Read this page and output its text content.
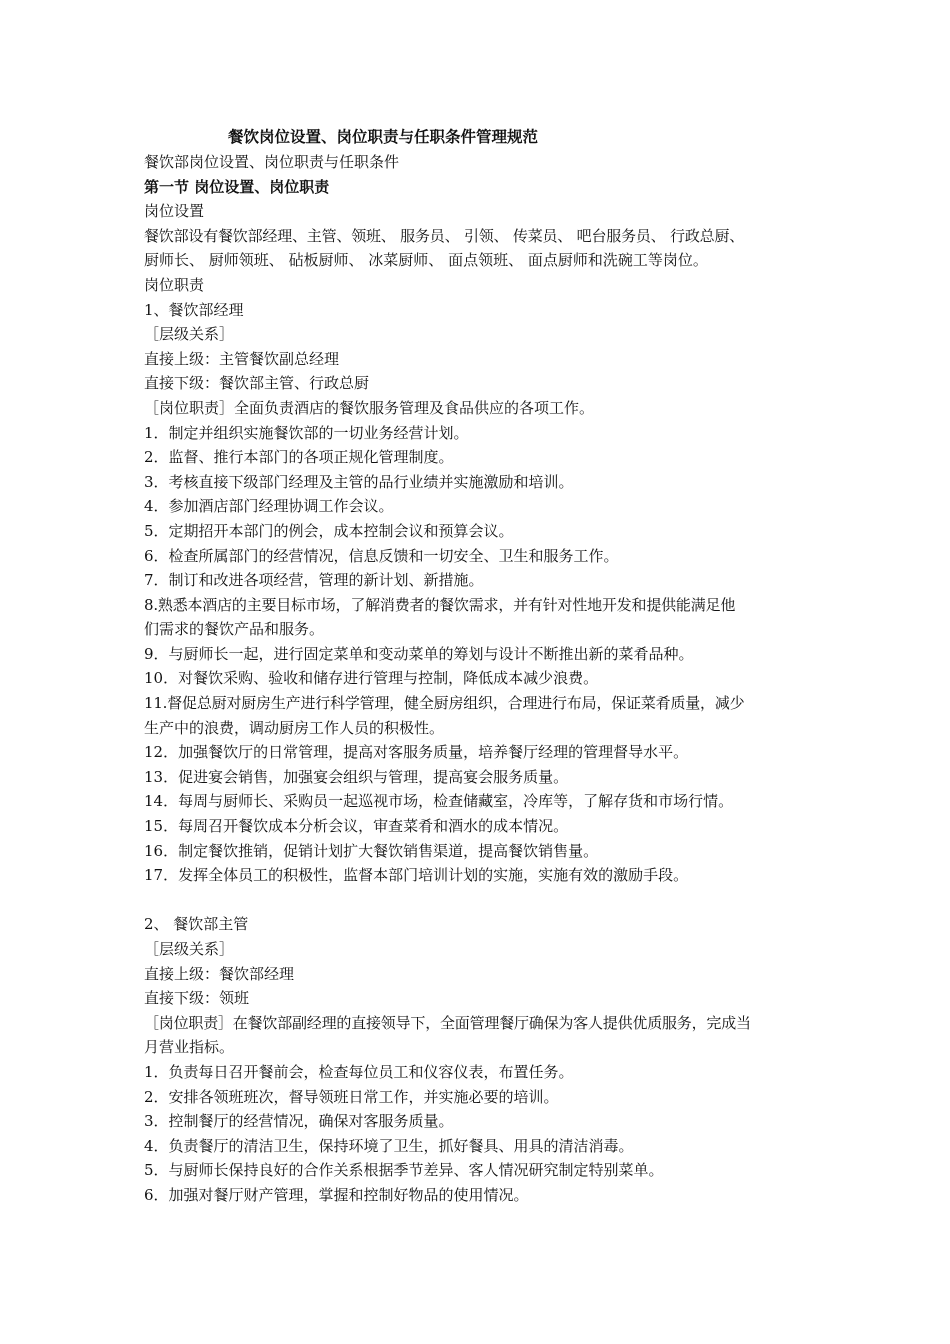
餐饮岗位设置、岗位职责与任职条件管理规范

餐饮部岗位设置、岗位职责与任职条件

第一节 岗位设置、岗位职责

岗位设置

餐饮部设有餐饮部经理、主管、领班、 服务员、 引领、 传菜员、 吧台服务员、 行政总厨、

厨师长、 厨师领班、 砧板厨师、 冰菜厨师、 面点领班、 面点厨师和洗碗工等岗位。

岗位职责

1、餐饮部经理

［层级关系］

直接上级：主管餐饮副总经理

直接下级：餐饮部主管、行政总厨

［岗位职责］全面负责酒店的餐饮服务管理及食品供应的各项工作。

1．制定并组织实施餐饮部的一切业务经营计划。

2．监督、推行本部门的各项正规化管理制度。

3．考核直接下级部门经理及主管的品行业绩并实施激励和培训。

4．参加酒店部门经理协调工作会议。

5．定期招开本部门的例会，成本控制会议和预算会议。

6．检查所属部门的经营情况，信息反馈和一切安全、卫生和服务工作。

7．制订和改进各项经营，管理的新计划、新措施。

8.熟悉本酒店的主要目标市场，了解消费者的餐饮需求，并有针对性地开发和提供能满足他

们需求的餐饮产品和服务。

9．与厨师长一起，进行固定菜单和变动菜单的筹划与设计不断推出新的菜肴品种。

10．对餐饮采购、验收和储存进行管理与控制，降低成本减少浪费。

11.督促总厨对厨房生产进行科学管理，健全厨房组织，合理进行布局，保证菜肴质量，减少

生产中的浪费，调动厨房工作人员的积极性。

12．加强餐饮厅的日常管理，提高对客服务质量，培养餐厅经理的管理督导水平。

13．促进宴会销售，加强宴会组织与管理，提高宴会服务质量。

14．每周与厨师长、采购员一起巡视市场，检查储藏室，冷库等，了解存货和市场行情。

15．每周召开餐饮成本分析会议，审查菜肴和酒水的成本情况。

16．制定餐饮推销，促销计划扩大餐饮销售渠道，提高餐饮销售量。

17．发挥全体员工的积极性，监督本部门培训计划的实施，实施有效的激励手段。

2、 餐饮部主管

［层级关系］

直接上级：餐饮部经理

直接下级：领班

［岗位职责］在餐饮部副经理的直接领导下，全面管理餐厅确保为客人提供优质服务，完成当

月营业指标。

1．负责每日召开餐前会，检查每位员工和仪容仪表，布置任务。

2．安排各领班班次，督导领班日常工作，并实施必要的培训。

3．控制餐厅的经营情况，确保对客服务质量。

4．负责餐厅的清洁卫生，保持环境了卫生，抓好餐具、用具的清洁消毒。

5．与厨师长保持良好的合作关系根据季节差异、客人情况研究制定特别菜单。

6．加强对餐厅财产管理，掌握和控制好物品的使用情况。
